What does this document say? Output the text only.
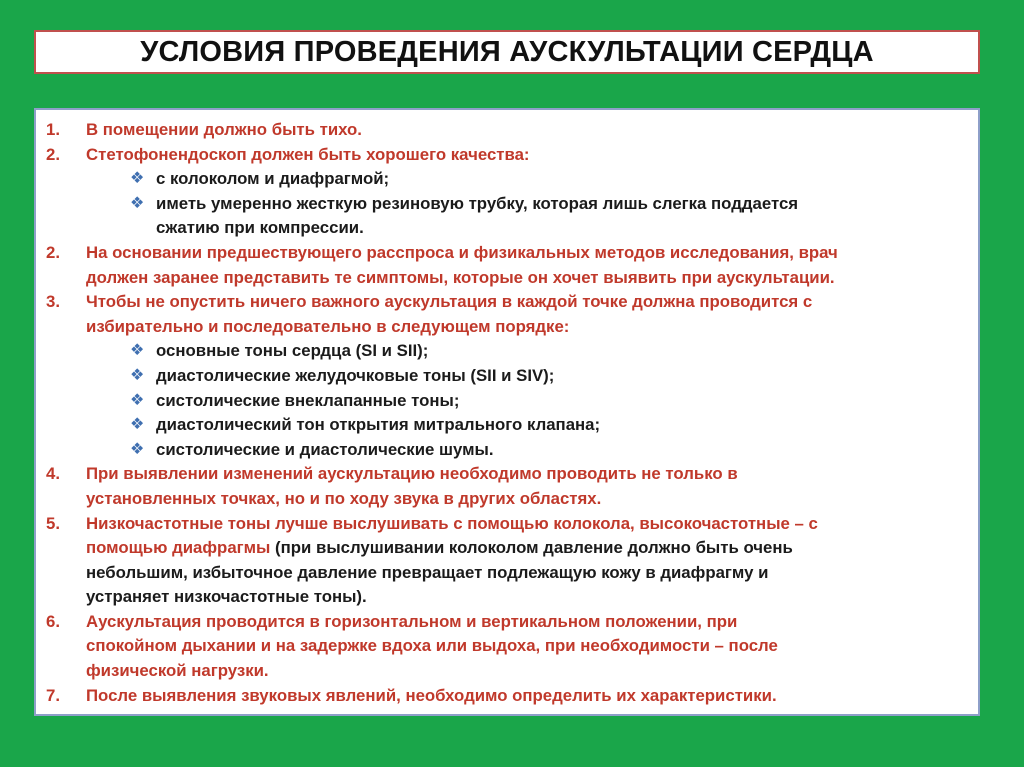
УСЛОВИЯ ПРОВЕДЕНИЯ АУСКУЛЬТАЦИИ СЕРДЦА
1.	В помещении должно быть тихо.
2.	Стетофонендоскоп должен быть хорошего качества:
❖ с колоколом и диафрагмой;
❖ иметь умеренно жесткую резиновую трубку, которая лишь слегка поддается
сжатию при компрессии.
2.	На основании предшествующего расспроса и физикальных методов исследования, врач
должен заранее представить те симптомы, которые он хочет выявить при аускультации.
3.	Чтобы не опустить ничего важного аускультация в каждой точке должна проводится с
избирательно и последовательно в следующем порядке:
❖ основные тоны сердца (SI и SII);
❖ диастолические желудочковые тоны (SII и SIV);
❖ систолические внеклапанные тоны;
❖ диастолический тон открытия митрального клапана;
❖ систолические и диастолические шумы.
4.	При выявлении изменений аускультацию необходимо проводить не только в
установленных точках, но и по ходу звука в других областях.
5.	Низкочастотные тоны лучше выслушивать с помощью колокола, высокочастотные – с
помощью диафрагмы (при выслушивании колоколом давление должно быть очень
небольшим, избыточное давление превращает подлежащую кожу в диафрагму и
устраняет низкочастотные тоны).
6.	Аускультация проводится в горизонтальном и вертикальном положении, при
спокойном дыхании и на задержке вдоха или выдоха, при необходимости – после
физической нагрузки.
7.	После выявления звуковых явлений, необходимо определить их характеристики.
